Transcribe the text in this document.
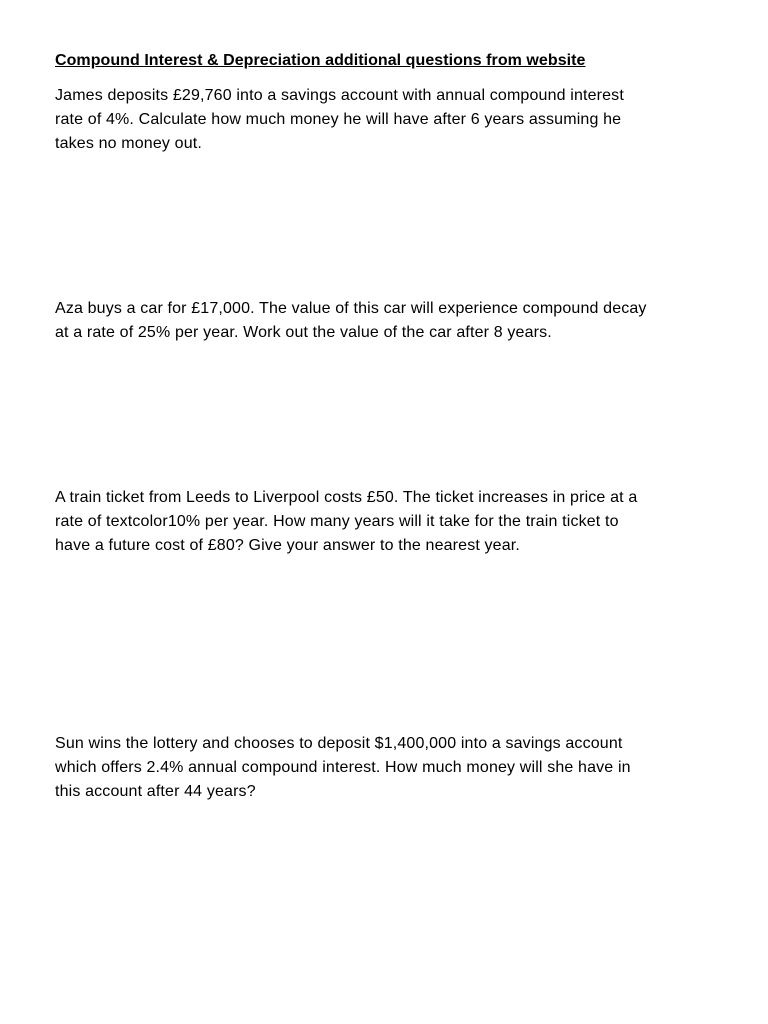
Compound Interest & Depreciation additional questions from website

James deposits £29,760 into a savings account with annual compound interest
rate of 4%. Calculate how much money he will have after 6 years assuming he
takes no money out.

Aza buys a car for £17,000. The value of this car will experience compound decay
at a rate of 25% per year. Work out the value of the car after 8 years.

A train ticket from Leeds to Liverpool costs £50. The ticket increases in price at a
rate of textcolor10% per year. How many years will it take for the train ticket to
have a future cost of £80? Give your answer to the nearest year.

Sun wins the lottery and chooses to deposit $1,400,000 into a savings account
which offers 2.4% annual compound interest. How much money will she have in
this account after 44 years?
